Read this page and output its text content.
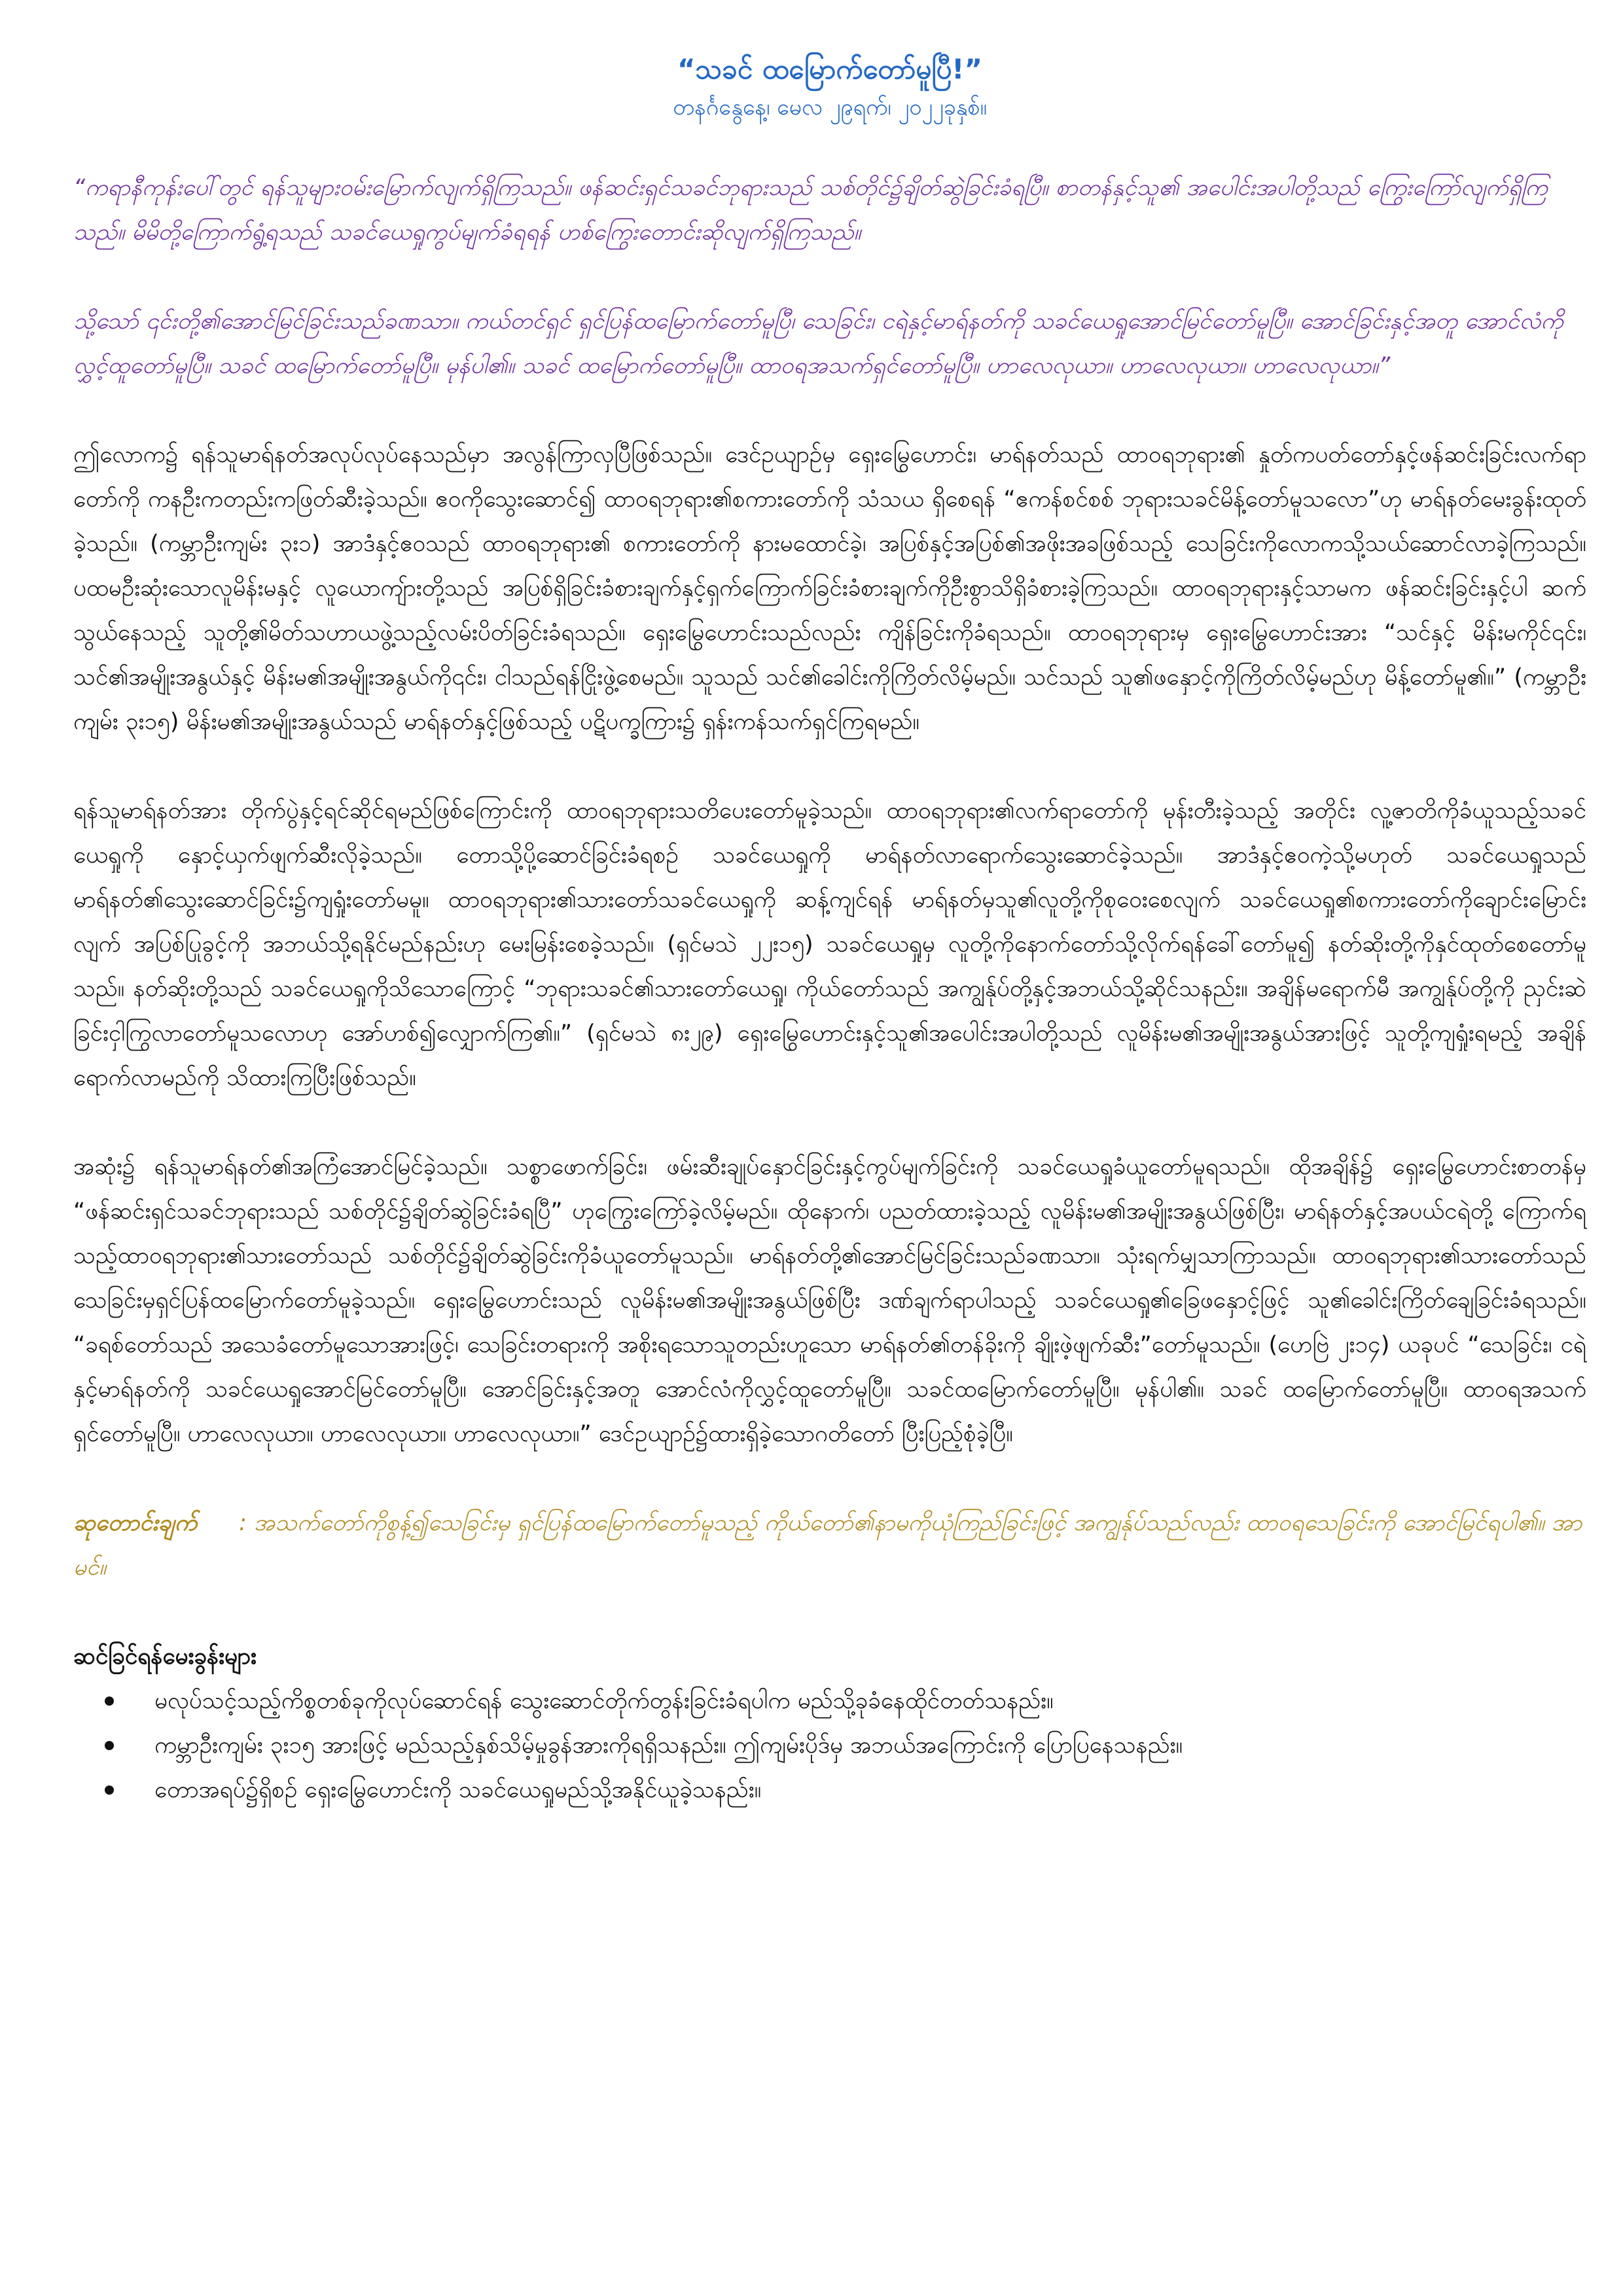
“သခင် ထမြောက်တော်မူပြီ!”

တနင်္ဂနွေနေ့၊ မေလ ၂၉ရက်၊ ၂၀၂၂ခုနှစ်။

“ကရာနီကုန်းပေါ်တွင် ရန်သူများဝမ်းမြောက်လျက်ရှိကြသည်။ ဖန်ဆင်းရှင်သခင်ဘုရားသည် သစ်တိုင်၌ချိတ်ဆွဲခြင်းခံရပြီ။ စာတန်နှင့်သူ၏ အပေါင်းအပါတို့သည် ကြွေးကြော်လျက်ရှိကြသည်။ မိမိတို့ကြောက်ရွံ့ရသည် သခင်ယေရှုကွပ်မျက်ခံရရန် ဟစ်ကြွေးတောင်းဆိုလျက်ရှိကြသည်။

သို့သော် ၎င်းတို့၏အောင်မြင်ခြင်းသည်ခဏသာ။ ကယ်တင်ရှင် ရှင်ပြန်ထမြောက်တော်မူပြီ၊ သေခြင်း၊ ငရဲနှင့်မာရ်နတ်ကို သခင်ယေရှုအောင်မြင်တော်မူပြီ။ အောင်ခြင်းနှင့်အတူ အောင်လံကိုလွှင့်ထူတော်မူပြီ။ သခင် ထမြောက်တော်မူပြီ။ မုန်ပါ၏။ သခင် ထမြောက်တော်မူပြီ။ ထာဝရအသက်ရှင်တော်မူပြီ။ ဟာလေလုယာ။ ဟာလေလုယာ။ ဟာလေလုယာ။”

ဤလောက၌ ရန်သူမာရ်နတ်အလုပ်လုပ်နေသည်မှာ အလွန်ကြာလှပြီဖြစ်သည်။ ဒေင်ဥယျာဉ်မှ ရှေးမြွေဟောင်း၊ မာရ်နတ်သည် ထာဝရဘုရား၏ နှုတ်ကပတ်တော်နှင့်ဖန်ဆင်းခြင်းလက်ရာတော်ကို ကနဦးကတည်းကဖြတ်ဆီးခဲ့သည်။ ဧဝကိုသွေးဆောင်၍ ထာဝရဘုရား၏စကားတော်ကို သံသယ ရှိစေရန် “ဧကန်စင်စစ် ဘုရားသခင်မိန့်တော်မူသလော”ဟု မာရ်နတ်မေးခွန်းထုတ်ခဲ့သည်။ (ကမ္ဘာဦးကျမ်း ၃း၁) အာဒံနှင့်ဧဝသည် ထာဝရဘုရား၏ စကားတော်ကို နားမထောင်ခဲ့၊ အပြစ်နှင့်အပြစ်၏အဖိုးအခဖြစ်သည့် သေခြင်းကိုလောကသို့သယ်ဆောင်လာခဲ့ကြသည်။ ပထမဦးဆုံးသောလူမိန်းမနှင့် လူယောကျ်ားတို့သည် အပြစ်ရှိခြင်းခံစားချက်နှင့်ရှက်ကြောက်ခြင်းခံစားချက်ကိုဦးစွာသိရှိခံစားခဲ့ကြသည်။ ထာဝရဘုရားနှင့်သာမက ဖန်ဆင်းခြင်းနှင့်ပါ ဆက်သွယ်နေသည့် သူတို့၏မိတ်သဟာယဖွဲ့သည့်လမ်းပိတ်ခြင်းခံရသည်။ ရှေးမြွေဟောင်းသည်လည်း ကျိန်ခြင်းကိုခံရသည်။ ထာဝရဘုရားမှ ရှေးမြွေဟောင်းအား “သင်နှင့် မိန်းမကိုင်၎င်း၊ သင်၏အမျိုးအနွယ်နှင့် မိန်းမ၏အမျိုးအနွယ်ကို၎င်း၊ ငါသည်ရန်ငြိုးဖွဲ့စေမည်။ သူသည် သင်၏ခေါင်းကိုကြိတ်လိမ့်မည်။ သင်သည် သူ၏ဖနှောင့်ကိုကြိတ်လိမ့်မည်ဟု မိန့်တော်မူ၏။” (ကမ္ဘာဦးကျမ်း ၃း၁၅) မိန်းမ၏အမျိုးအနွယ်သည် မာရ်နတ်နှင့်ဖြစ်သည့် ပဋိပက္ခကြား၌ ရှန်းကန်သက်ရှင်ကြရမည်။

ရန်သူမာရ်နတ်အား တိုက်ပွဲနှင့်ရင်ဆိုင်ရမည်ဖြစ်ကြောင်းကို ထာဝရဘုရားသတိပေးတော်မူခဲ့သည်။ ထာဝရဘုရား၏လက်ရာတော်ကို မုန်းတီးခဲ့သည့် အတိုင်း လူ့ဇာတိကိုခံယူသည့်သခင်ယေရှုကို နှောင့်ယှက်ဖျက်ဆီးလိုခဲ့သည်။ တောသို့ပို့ဆောင်ခြင်းခံရစဉ် သခင်ယေရှုကို မာရ်နတ်လာရောက်သွေးဆောင်ခဲ့သည်။ အာဒံနှင့်ဧဝကဲ့သို့မဟုတ် သခင်ယေရှုသည် မာရ်နတ်၏သွေးဆောင်ခြင်း၌ကျရှုံးတော်မမူ။ ထာဝရဘုရား၏သားတော်သခင်ယေရှုကို ဆန့်ကျင်ရန် မာရ်နတ်မှသူ၏လူတို့ကိုစုဝေးစေလျက် သခင်ယေရှု၏စကားတော်ကိုချောင်းမြောင်းလျက် အပြစ်ပြုခွင့်ကို အဘယ်သို့ရနိုင်မည်နည်းဟု မေးမြန်းစေခဲ့သည်။ (ရှင်မသဲ ၂၂း၁၅) သခင်ယေရှုမှ လူတို့ကိုနောက်တော်သို့လိုက်ရန်ခေါ်တော်မူ၍ နတ်ဆိုးတို့ကိုနှင်ထုတ်စေတော်မူသည်။ နတ်ဆိုးတို့သည် သခင်ယေရှုကိုသိသောကြောင့် “ဘုရားသခင်၏သားတော်ယေရှု၊ ကိုယ်တော်သည် အကျွန်ုပ်တို့နှင့်အဘယ်သို့ဆိုင်သနည်း။ အချိန်မရောက်မီ အကျွန်ုပ်တို့ကို ညှင်းဆဲခြင်းငှါကြွလာတော်မူသလောဟု အော်ဟစ်၍လျှောက်ကြ၏။” (ရှင်မသဲ ၈း၂၉) ရှေးမြွေဟောင်းနှင့်သူ၏အပေါင်းအပါတို့သည် လူမိန်းမ၏အမျိုးအနွယ်အားဖြင့် သူတို့ကျရှုံးရမည့် အချိန်ရောက်လာမည်ကို သိထားကြပြီးဖြစ်သည်။

အဆုံး၌ ရန်သူမာရ်နတ်၏အကြံအောင်မြင်ခဲ့သည်။ သစ္စာဖောက်ခြင်း၊ ဖမ်းဆီးချုပ်နှောင်ခြင်းနှင့်ကွပ်မျက်ခြင်းကို သခင်ယေရှုခံယူတော်မူရသည်။ ထိုအချိန်၌ ရှေးမြွေဟောင်းစာတန်မှ “ဖန်ဆင်းရှင်သခင်ဘုရားသည် သစ်တိုင်၌ချိတ်ဆွဲခြင်းခံရပြီ” ဟုကြွေးကြော်ခဲ့လိမ့်မည်။ ထိုနောက်၊ ပညတ်ထားခဲ့သည့် လူမိန်းမ၏အမျိုးအနွယ်ဖြစ်ပြီး၊ မာရ်နတ်နှင့်အပယ်ငရဲတို့ ကြောက်ရသည့်ထာဝရဘုရား၏သားတော်သည် သစ်တိုင်၌ချိတ်ဆွဲခြင်းကိုခံယူတော်မူသည်။ မာရ်နတ်တို့၏အောင်မြင်ခြင်းသည်ခဏသာ။ သုံးရက်မျှသာကြာသည်။ ထာဝရဘုရား၏သားတော်သည် သေခြင်းမှရှင်ပြန်ထမြောက်တော်မူခဲ့သည်။ ရှေးမြွေဟောင်းသည် လူမိန်းမ၏အမျိုးအနွယ်ဖြစ်ပြီး ဒဏ်ချက်ရာပါသည့် သခင်ယေရှု၏ခြေဖနှောင့်ဖြင့် သူ၏ခေါင်းကြိတ်ချေခြင်းခံရသည်။ “ခရစ်တော်သည် အသေခံတော်မူသောအားဖြင့်၊ သေခြင်းတရားကို အစိုးရသောသူတည်းဟူသော မာရ်နတ်၏တန်ခိုးကို ချိုးဖဲ့ဖျက်ဆီး”တော်မူသည်။ (ဟေဗြဲ ၂း၁၄) ယခုပင် “သေခြင်း၊ ငရဲနှင့်မာရ်နတ်ကို သခင်ယေရှုအောင်မြင်တော်မူပြီ။ အောင်ခြင်းနှင့်အတူ အောင်လံကိုလွှင့်ထူတော်မူပြီ။ သခင်ထမြောက်တော်မူပြီ။ မုန်ပါ၏။ သခင် ထမြောက်တော်မူပြီ။ ထာဝရအသက်ရှင်တော်မူပြီ။ ဟာလေလုယာ။ ဟာလေလုယာ။ ဟာလေလုယာ။” ဒေင်ဥယျာဉ်၌ထားရှိခဲ့သောဂတိတော် ပြီးပြည့်စုံခဲ့ပြီ။

ဆုတောင်းချက် : အသက်တော်ကိုစွန့်၍သေခြင်းမှ ရှင်ပြန်ထမြောက်တော်မူသည့် ကိုယ်တော်၏နာမကိုယုံကြည်ခြင်းဖြင့် အကျွန်ုပ်သည်လည်း ထာဝရသေခြင်းကို အောင်မြင်ရပါ၏။ အာမင်။

ဆင်ခြင်ရန်မေးခွန်းများ
မလုပ်သင့်သည့်ကိစ္စတစ်ခုကိုလုပ်ဆောင်ရန် သွေးဆောင်တိုက်တွန်းခြင်းခံရပါက မည်သို့ခုခံနေထိုင်တတ်သနည်း။
ကမ္ဘာဦးကျမ်း ၃း၁၅ အားဖြင့် မည်သည့်နှစ်သိမ့်မှုခွန်အားကိုရရှိသနည်း။ ဤကျမ်းပိုဒ်မှ အဘယ်အကြောင်းကို ပြောပြနေသနည်း။
တောအရပ်၌ရှိစဉ် ရှေးမြွေဟောင်းကို သခင်ယေရှုမည်သို့အနိုင်ယူခဲ့သနည်း။
